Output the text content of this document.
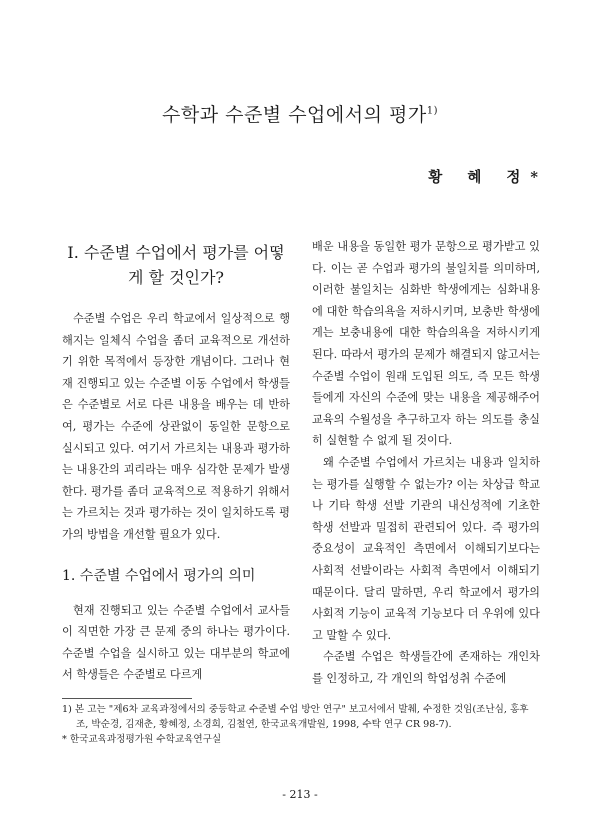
수학과 수준별 수업에서의 평가$^{1)}$
황 혜 정*
I. 수준별 수업에서 평가를 어떻게 할 것인가?

수준별 수업은 우리 학교에서 일상적으로 행해지는 일체식 수업을 좀더 교육적으로 개선하기 위한 목적에서 등장한 개념이다. 그러나 현재 진행되고 있는 수준별 이동 수업에서 학생들은 수준별로 서로 다른 내용을 배우는 데 반하여, 평가는 수준에 상관없이 동일한 문항으로 실시되고 있다. 여기서 가르치는 내용과 평가하는 내용간의 괴리라는 매우 심각한 문제가 발생한다. 평가를 좀더 교육적으로 적용하기 위해서는 가르치는 것과 평가하는 것이 일치하도록 평가의 방법을 개선할 필요가 있다.

1. 수준별 수업에서 평가의 의미

현재 진행되고 있는 수준별 수업에서 교사들이 직면한 가장 큰 문제 중의 하나는 평가이다. 수준별 수업을 실시하고 있는 대부분의 학교에서 학생들은 수준별로 다르게

배운 내용을 동일한 평가 문항으로 평가받고 있다. 이는 곧 수업과 평가의 불일치를 의미하며, 이러한 불일치는 심화반 학생에게는 심화내용에 대한 학습의욕을 저하시키며, 보충반 학생에게는 보충내용에 대한 학습의욕을 저하시키게 된다. 따라서 평가의 문제가 해결되지 않고서는 수준별 수업이 원래 도입된 의도, 즉 모든 학생들에게 자신의 수준에 맞는 내용을 제공해주어 교육의 수월성을 추구하고자 하는 의도를 충실히 실현할 수 없게 될 것이다.

왜 수준별 수업에서 가르치는 내용과 일치하는 평가를 실행할 수 없는가? 이는 차상급 학교나 기타 학생 선발 기관의 내신성적에 기초한 학생 선발과 밀접히 관련되어 있다. 즉 평가의 중요성이 교육적인 측면에서 이해되기보다는 사회적 선발이라는 사회적 측면에서 이해되기 때문이다. 달리 말하면, 우리 학교에서 평가의 사회적 기능이 교육적 기능보다 더 우위에 있다고 말할 수 있다.

수준별 수업은 학생들간에 존재하는 개인차를 인정하고, 각 개인의 학업성취 수준에

1) 본 고는 "제6차 교육과정에서의 중등학교 수준별 수업 방안 연구" 보고서에서 발췌, 수정한 것임(조난심, 홍후조, 박순경, 김재춘, 황혜정, 소경희, 김철연, 한국교육개발원, 1998, 수탁 연구 CR 98-7).

* 한국교육과정평가원 수학교육연구실

- 213 -
